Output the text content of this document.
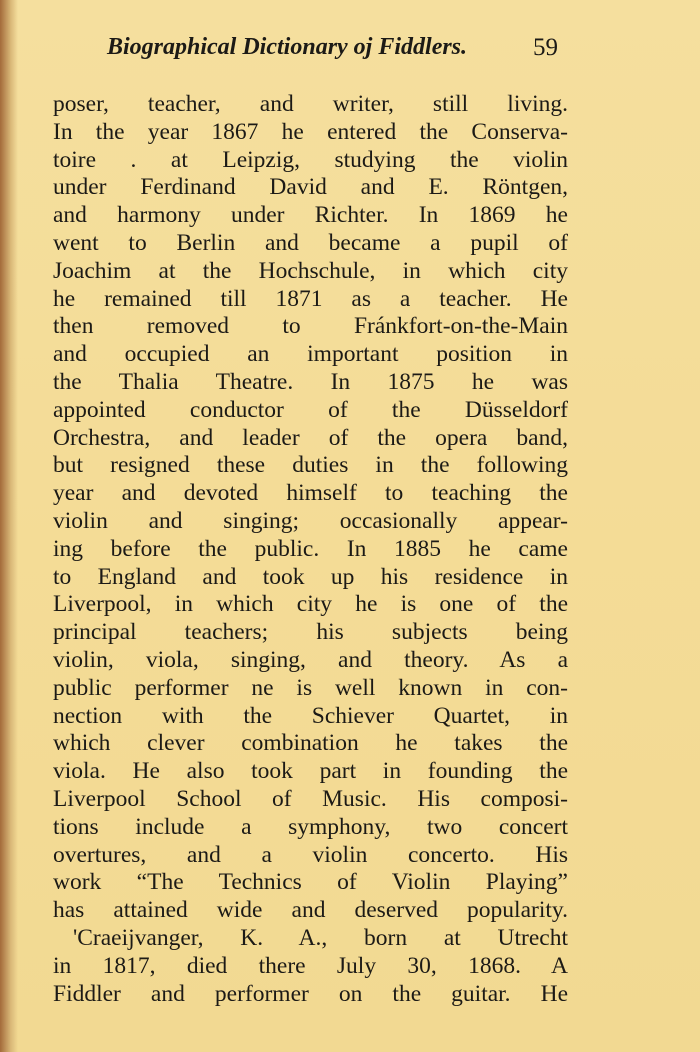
Biographical Dictionary oj Fiddlers.	59
poser, teacher, and writer, still living.
In the year 1867 he entered the Conserva-
toire . at Leipzig, studying the violin
under Ferdinand David and E. Röntgen,
and harmony under Richter. In 1869 he
went to Berlin and became a pupil of
Joachim at the Hochschule, in which city
he remained till 1871 as a teacher. He
then removed to Fránkfort-on-the-Main
and occupied an important position in
the Thalia Theatre. In 1875 he was
appointed conductor of the Düsseldorf
Orchestra, and leader of the opera band,
but resigned these duties in the following
year and devoted himself to teaching the
violin and singing; occasionally appear-
ing before the public. In 1885 he came
to England and took up his residence in
Liverpool, in which city he is one of the
principal teachers; his subjects being
violin, viola, singing, and theory. As a
public performer ne is well known in con-
nection with the Schiever Quartet, in
which clever combination he takes the
viola. He also took part in founding the
Liverpool School of Music. His composi-
tions include a symphony, two concert
overtures, and a violin concerto. His
work “The Technics of Violin Playing”
has attained wide and deserved popularity.
'Craeijvanger, K. A., born at Utrecht
in 1817, died there July 30, 1868. A
Fiddler and performer on the guitar. He
